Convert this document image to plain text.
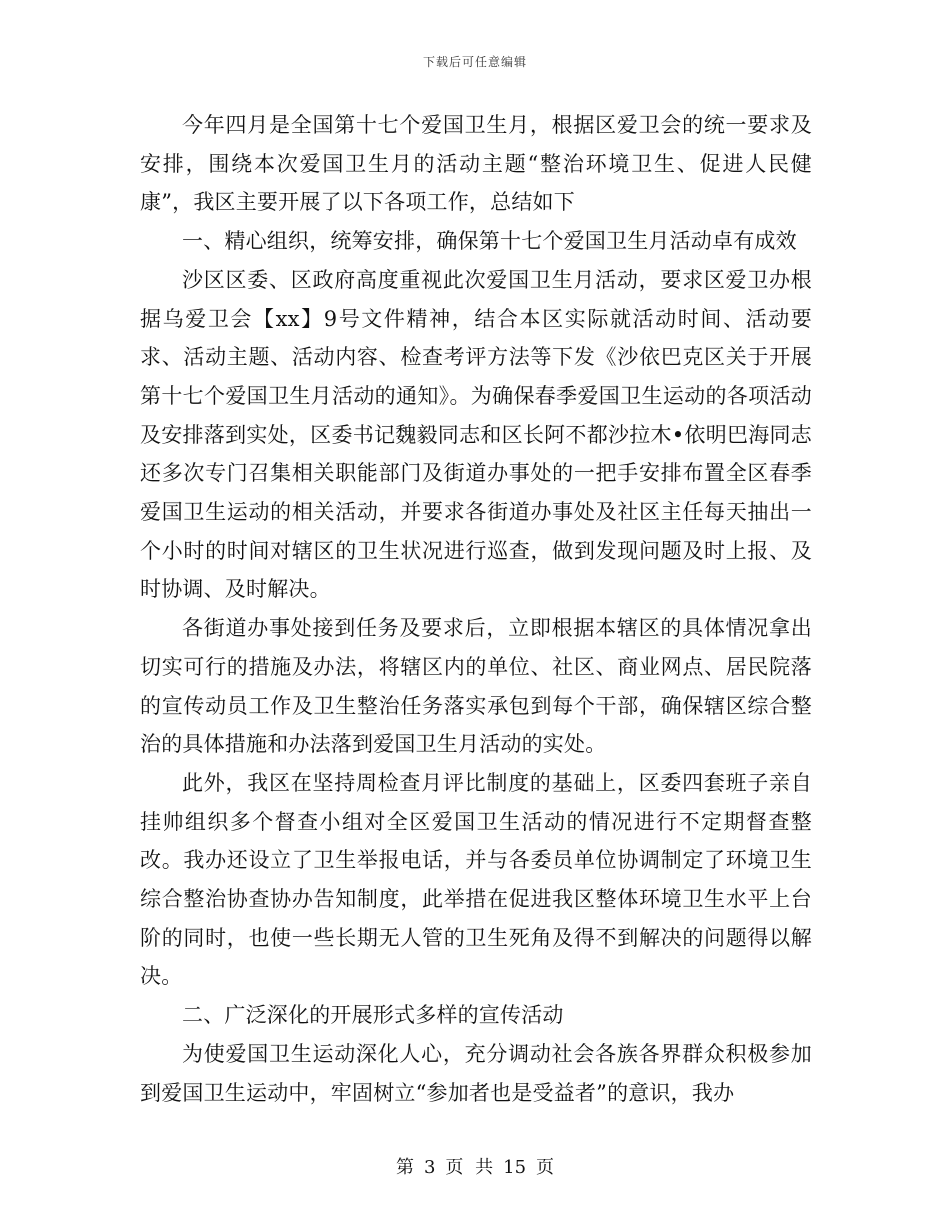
下载后可任意编辑

今年四月是全国第十七个爱国卫生月，根据区爱卫会的统一要求及安排，围绕本次爱国卫生月的活动主题“整治环境卫生、促进人民健康”，我区主要开展了以下各项工作，总结如下

一、精心组织，统筹安排，确保第十七个爱国卫生月活动卓有成效

沙区区委、区政府高度重视此次爱国卫生月活动，要求区爱卫办根据乌爱卫会【xx】9号文件精神，结合本区实际就活动时间、活动要求、活动主题、活动内容、检查考评方法等下发《沙依巴克区关于开展第十七个爱国卫生月活动的通知》。为确保春季爱国卫生运动的各项活动及安排落到实处，区委书记魏毅同志和区长阿不都沙拉木•依明巴海同志还多次专门召集相关职能部门及街道办事处的一把手安排布置全区春季爱国卫生运动的相关活动，并要求各街道办事处及社区主任每天抽出一个小时的时间对辖区的卫生状况进行巡查，做到发现问题及时上报、及时协调、及时解决。

各街道办事处接到任务及要求后，立即根据本辖区的具体情况拿出切实可行的措施及办法，将辖区内的单位、社区、商业网点、居民院落的宣传动员工作及卫生整治任务落实承包到每个干部，确保辖区综合整治的具体措施和办法落到爱国卫生月活动的实处。

此外，我区在坚持周检查月评比制度的基础上，区委四套班子亲自挂帅组织多个督查小组对全区爱国卫生活动的情况进行不定期督查整改。我办还设立了卫生举报电话，并与各委员单位协调制定了环境卫生综合整治协查协办告知制度，此举措在促进我区整体环境卫生水平上台阶的同时，也使一些长期无人管的卫生死角及得不到解决的问题得以解决。

二、广泛深化的开展形式多样的宣传活动

为使爱国卫生运动深化人心，充分调动社会各族各界群众积极参加到爱国卫生运动中，牢固树立“参加者也是受益者”的意识，我办

第 3 页 共 15 页
